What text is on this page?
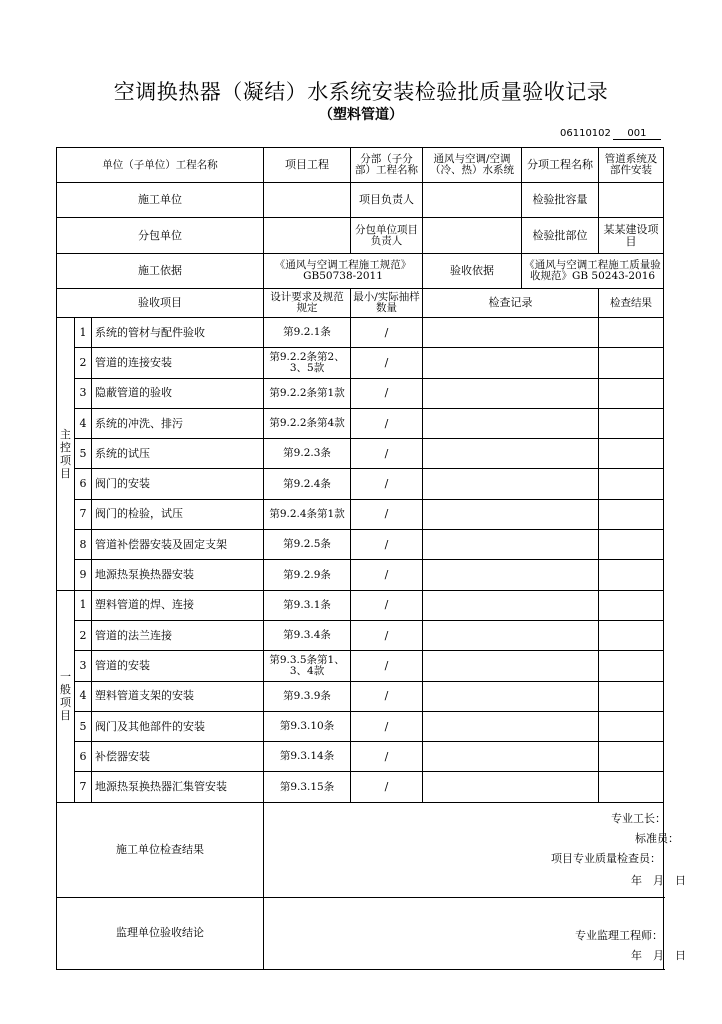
空调换热器（凝结）水系统安装检验批质量验收记录
（塑料管道）
06110102 001
单位（子单位）工程名称			项目工程	分部（子分部）工程名称	通风与空调/空调（冷、热）水系统	分项工程名称	管道系统及部件安装
施工单位				项目负责人		检验批容量	
分包单位				分包单位项目负责人		检验批部位	某某建设项目
施工依据			《通风与空调工程施工规范》GB50738-2011		验收依据	《通风与空调工程施工质量验收规范》GB 50243-2016	
验收项目			设计要求及规范规定	最小/实际抽样数量	检查记录		检查结果

主控项目	1	系统的管材与配件验收	第9.2.1条	/			
	2	管道的连接安装	第9.2.2条第2、3、5款	/			
	3	隐蔽管道的验收	第9.2.2条第1款	/			
	4	系统的冲洗、排污	第9.2.2条第4款	/			
	5	系统的试压	第9.2.3条	/			
	6	阀门的安装	第9.2.4条	/			
	7	阀门的检验，试压	第9.2.4条第1款	/			
	8	管道补偿器安装及固定支架	第9.2.5条	/			
	9	地源热泵换热器安装	第9.2.9条	/			

一般项目	1	塑料管道的焊、连接	第9.3.1条	/			
	2	管道的法兰连接	第9.3.4条	/			
	3	管道的安装	第9.3.5条第1、3、4款	/			
	4	塑料管道支架的安装	第9.3.9条	/			
	5	阀门及其他部件的安装	第9.3.10条	/			
	6	补偿器安装	第9.3.14条	/			
	7	地源热泵换热器汇集管安装	第9.3.15条	/			
施工单位检查结果			专业工长：
标准员：
项目专业质量检查员：
年　月　日				

监理单位验收结论			专业监理工程师：
年　月　日				
